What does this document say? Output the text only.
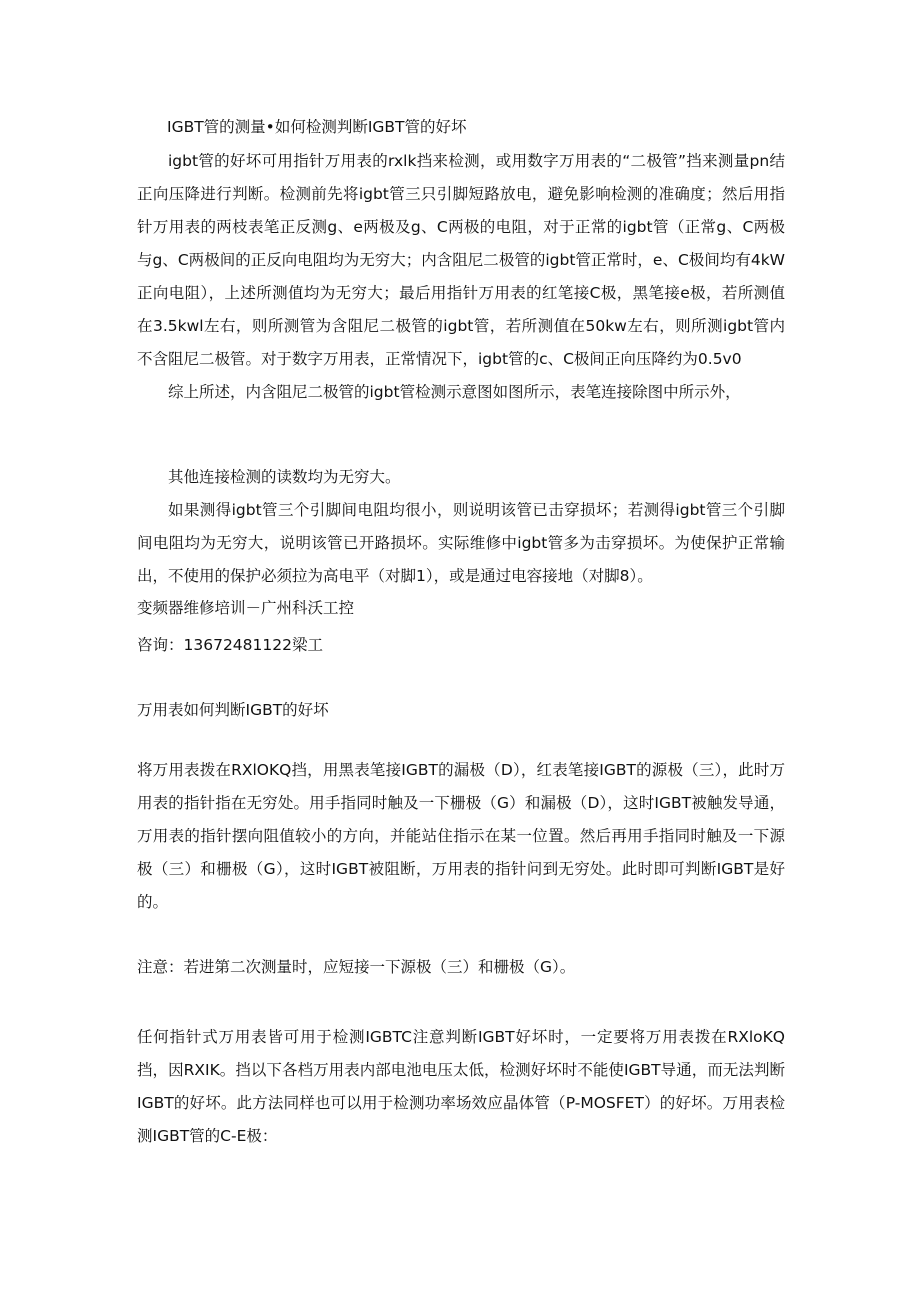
IGBT管的测量•如何检测判断IGBT管的好坏

igbt管的好坏可用指针万用表的rxlk挡来检测，或用数字万用表的“二极管”挡来测量pn结正向压降进行判断。检测前先将igbt管三只引脚短路放电，避免影响检测的准确度；然后用指针万用表的两枝表笔正反测g、e两极及g、C两极的电阻，对于正常的igbt管（正常g、C两极与g、C两极间的正反向电阻均为无穷大；内含阻尼二极管的igbt管正常时，e、C极间均有4kW正向电阻），上述所测值均为无穷大；最后用指针万用表的红笔接C极，黑笔接e极，若所测值在3.5kwl左右，则所测管为含阻尼二极管的igbt管，若所测值在50kw左右，则所测igbt管内不含阻尼二极管。对于数字万用表，正常情况下，igbt管的c、C极间正向压降约为0.5v0

综上所述，内含阻尼二极管的igbt管检测示意图如图所示，表笔连接除图中所示外，

其他连接检测的读数均为无穷大。

如果测得igbt管三个引脚间电阻均很小，则说明该管已击穿损坏；若测得igbt管三个引脚间电阻均为无穷大，说明该管已开路损坏。实际维修中igbt管多为击穿损坏。为使保护正常输出，不使用的保护必须拉为高电平（对脚1），或是通过电容接地（对脚8）。

变频器维修培训－广州科沃工控

咨询：13672481122梁工

万用表如何判断IGBT的好坏

将万用表拨在RXlOKQ挡，用黑表笔接IGBT的漏极（D），红表笔接IGBT的源极（三），此时万用表的指针指在无穷处。用手指同时触及一下栅极（G）和漏极（D），这时IGBT被触发导通，万用表的指针摆向阻值较小的方向，并能站住指示在某一位置。然后再用手指同时触及一下源极（三）和栅极（G），这时IGBT被阻断，万用表的指针问到无穷处。此时即可判断IGBT是好的。

注意：若进第二次测量时，应短接一下源极（三）和栅极（G）。

任何指针式万用表皆可用于检测IGBTC注意判断IGBT好坏时，一定要将万用表拨在RXloKQ挡，因RXIK。挡以下各档万用表内部电池电压太低，检测好坏时不能使IGBT导通，而无法判断IGBT的好坏。此方法同样也可以用于检测功率场效应晶体管（P-MOSFET）的好坏。万用表检测IGBT管的C-E极：
